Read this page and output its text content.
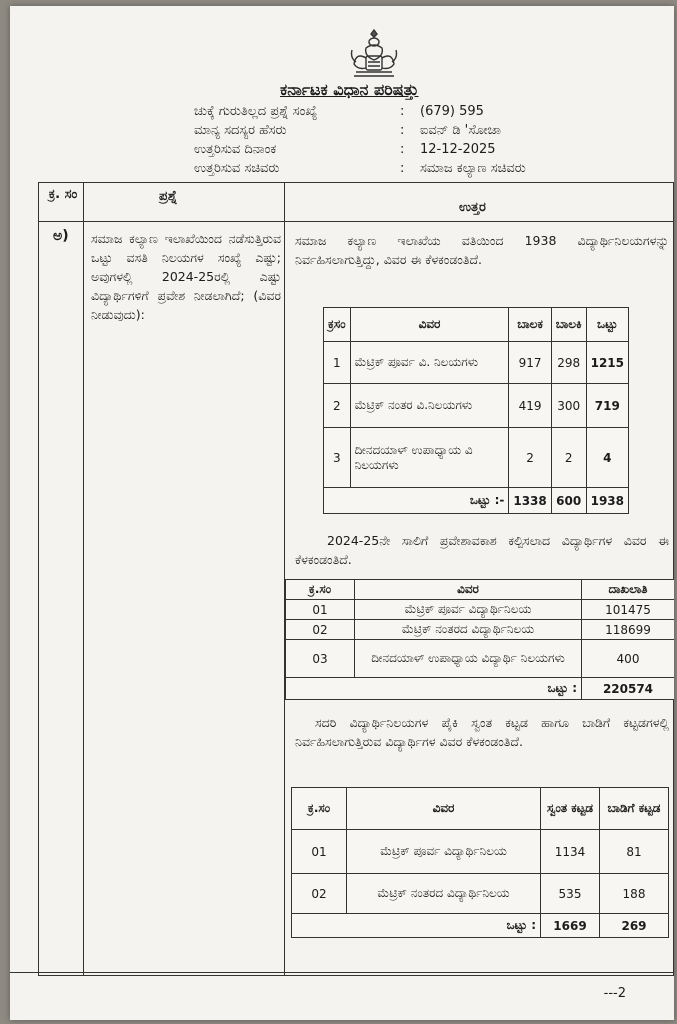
ಕರ್ನಾಟಕ ವಿಧಾನ ಪರಿಷತ್ತು
ಚುಕ್ಕೆ ಗುರುತಿಲ್ಲದ ಪ್ರಶ್ನೆ ಸಂಖ್ಯೆ	:	(679) 595
ಮಾನ್ಯ ಸದಸ್ಯರ ಹೆಸರು	:	ಐವನ್ ಡಿ 'ಸೋಜಾ
ಉತ್ತರಿಸುವ ದಿನಾಂಕ	:	12-12-2025
ಉತ್ತರಿಸುವ ಸಚಿವರು	:	ಸಮಾಜ ಕಲ್ಯಾಣ ಸಚಿವರು
ಕ್ರ. ಸಂ	ಪ್ರಶ್ನೆ
ಉತ್ತರ
ಅ) ಸಮಾಜ ಕಲ್ಯಾಣ ಇಲಾಖೆಯಿಂದ ನಡೆಸುತ್ತಿರುವ ಒಟ್ಟು ವಸತಿ ನಿಲಯಗಳ ಸಂಖ್ಯೆ ಎಷ್ಟು; ಅವುಗಳಲ್ಲಿ 2024-25ರಲ್ಲಿ ಎಷ್ಟು ವಿದ್ಯಾರ್ಥಿಗಳಿಗೆ ಪ್ರವೇಶ ನೀಡಲಾಗಿದೆ; (ವಿವರ ನೀಡುವುದು):
ಸಮಾಜ ಕಲ್ಯಾಣ ಇಲಾಖೆಯ ವತಿಯಿಂದ 1938 ವಿದ್ಯಾರ್ಥಿನಿಲಯಗಳನ್ನು ನಿರ್ವಹಿಸಲಾಗುತ್ತಿದ್ದು, ವಿವರ ಈ ಕೆಳಕಂಡಂತಿದೆ.
ಕ್ರಸಂ	ವಿವರ	ಬಾಲಕ	ಬಾಲಕಿ	ಒಟ್ಟು
1	ಮೆಟ್ರಿಕ್ ಪೂರ್ವ ವಿ. ನಿಲಯಗಳು	917	298	1215
2	ಮೆಟ್ರಿಕ್ ನಂತರ ವಿ.ನಿಲಯಗಳು	419	300	719
3	ದೀನದಯಾಳ್ ಉಪಾಧ್ಯಾಯ ವಿ ನಿಲಯಗಳು	2	2	4
ಒಟ್ಟು :-		1338	600	1938
2024-25ನೇ ಸಾಲಿಗೆ ಪ್ರವೇಶಾವಕಾಶ ಕಲ್ಪಿಸಲಾದ ವಿದ್ಯಾರ್ಥಿಗಳ ವಿವರ ಈ ಕೆಳಕಂಡಂತಿದೆ.
ಕ್ರ.ಸಂ	ವಿವರ	ದಾಖಲಾತಿ
01	ಮೆಟ್ರಿಕ್ ಪೂರ್ವ ವಿದ್ಯಾರ್ಥಿನಿಲಯ	101475
02	ಮೆಟ್ರಿಕ್ ನಂತರದ ವಿದ್ಯಾರ್ಥಿನಿಲಯ	118699
03	ದೀನದಯಾಳ್ ಉಪಾಧ್ಯಾಯ ವಿದ್ಯಾರ್ಥಿ ನಿಲಯಗಳು	400
ಒಟ್ಟು :		220574
ಸದರಿ ವಿದ್ಯಾರ್ಥಿನಿಲಯಗಳ ಪೈಕಿ ಸ್ವಂತ ಕಟ್ಟಡ ಹಾಗೂ ಬಾಡಿಗೆ ಕಟ್ಟಡಗಳಲ್ಲಿ ನಿರ್ವಹಿಸಲಾಗುತ್ತಿರುವ ವಿದ್ಯಾರ್ಥಿಗಳ ವಿವರ ಕೆಳಕಂಡಂತಿದೆ.
ಕ್ರ.ಸಂ	ವಿವರ	ಸ್ವಂತ ಕಟ್ಟಡ	ಬಾಡಿಗೆ ಕಟ್ಟಡ
01	ಮೆಟ್ರಿಕ್ ಪೂರ್ವ ವಿದ್ಯಾರ್ಥಿನಿಲಯ	1134	81
02	ಮೆಟ್ರಿಕ್ ನಂತರದ ವಿದ್ಯಾರ್ಥಿನಿಲಯ	535	188
ಒಟ್ಟು :		1669	269
---2
